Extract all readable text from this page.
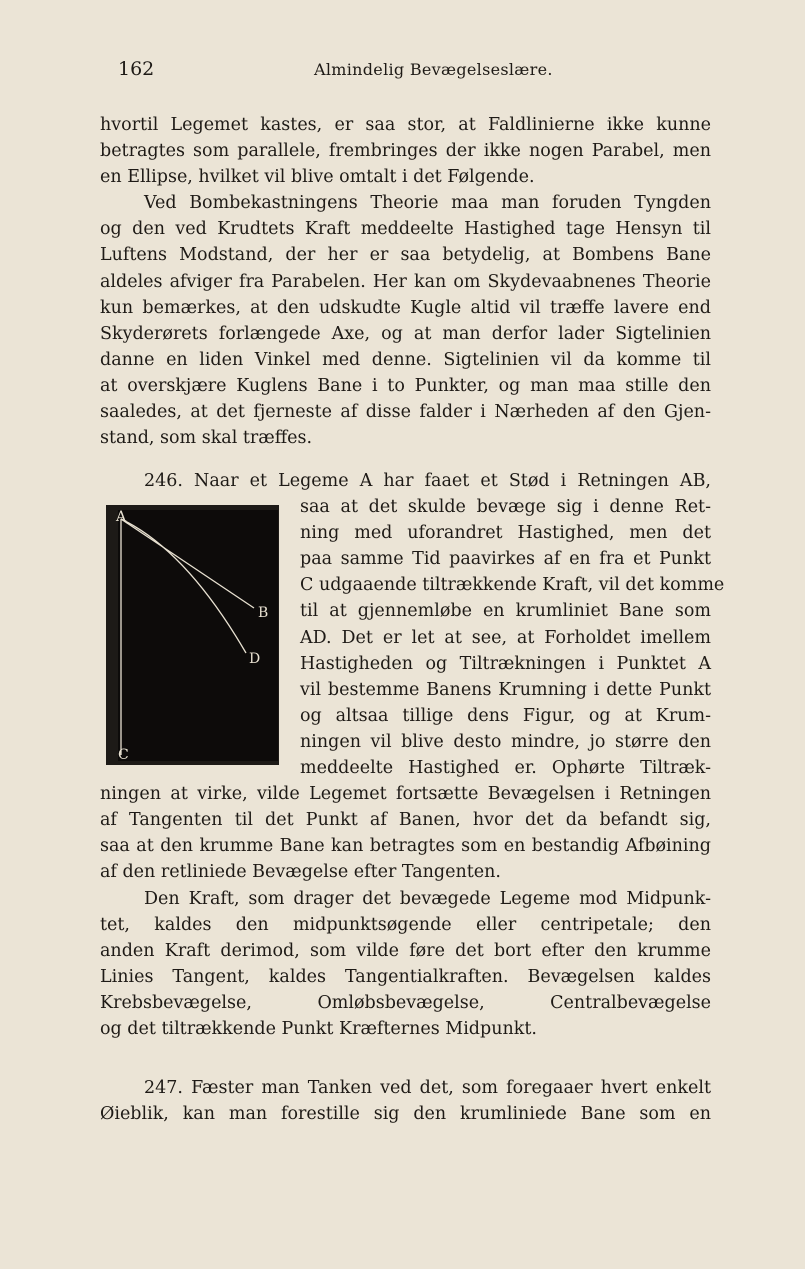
162	Almindelig Bevægelseslære.
hvortil Legemet kastes, er saa stor, at Faldlinierne ikke kunne
betragtes som parallele, frembringes der ikke nogen Parabel, men
en Ellipse, hvilket vil blive omtalt i det Følgende.
Ved Bombekastningens Theorie maa man foruden Tyngden
og den ved Krudtets Kraft meddeelte Hastighed tage Hensyn til
Luftens Modstand, der her er saa betydelig, at Bombens Bane
aldeles afviger fra Parabelen. Her kan om Skydevaabnenes Theorie
kun bemærkes, at den udskudte Kugle altid vil træffe lavere end
Skyderørets forlængede Axe, og at man derfor lader Sigtelinien
danne en liden Vinkel med denne. Sigtelinien vil da komme til
at overskjære Kuglens Bane i to Punkter, og man maa stille den
saaledes, at det fjerneste af disse falder i Nærheden af den Gjen-
stand, som skal træffes.
246. Naar et Legeme A har faaet et Stød i Retningen AB,
saa at det skulde bevæge sig i denne Ret-
ning med uforandret Hastighed, men det
paa samme Tid paavirkes af en fra et Punkt
C udgaaende tiltrækkende Kraft, vil det komme
til at gjennemløbe en krumliniet Bane som
AD. Det er let at see, at Forholdet imellem
Hastigheden og Tiltrækningen i Punktet A
vil bestemme Banens Krumning i dette Punkt
og altsaa tillige dens Figur, og at Krum-
ningen vil blive desto mindre, jo større den
meddeelte Hastighed er. Ophørte Tiltræk-
ningen at virke, vilde Legemet fortsætte Bevægelsen i Retningen
af Tangenten til det Punkt af Banen, hvor det da befandt sig,
saa at den krumme Bane kan betragtes som en bestandig Afbøining
af den retliniede Bevægelse efter Tangenten.
Den Kraft, som drager det bevægede Legeme mod Midpunk-
tet, kaldes den midpunktsøgende eller centripetale; den
anden Kraft derimod, som vilde føre det bort efter den krumme
Linies Tangent, kaldes Tangentialkraften. Bevægelsen kaldes
Krebsbevægelse, Omløbsbevægelse, Centralbevægelse
og det tiltrækkende Punkt Kræfternes Midpunkt.
247. Fæster man Tanken ved det, som foregaaer hvert enkelt
Øieblik, kan man forestille sig den krumliniede Bane som en
A
B
D
C
